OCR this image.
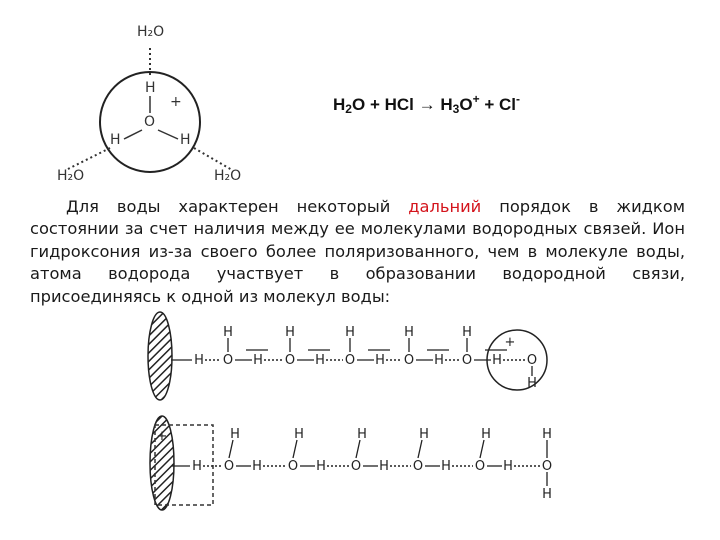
H₂O
H₂O	H₂O
H
O
H	H
+	$H_2O$ + HCl → $H_3O^+ + Cl^-$
Для воды характерен некоторый дальний порядок в жидком состоянии за счет наличия между ее молекулами водородных связей. Ион гидроксония из-за своего более поляризованного, чем в молекуле воды, атома водорода участвует в образовании водородной связи, присоединяясь к одной из молекул воды:
H O
H
H O
H
H O
H
H O
H
H O
H
H O
+
H
H
+
O
H
H O
H
H O
H
H O
H
H O
H
H O
H
H
